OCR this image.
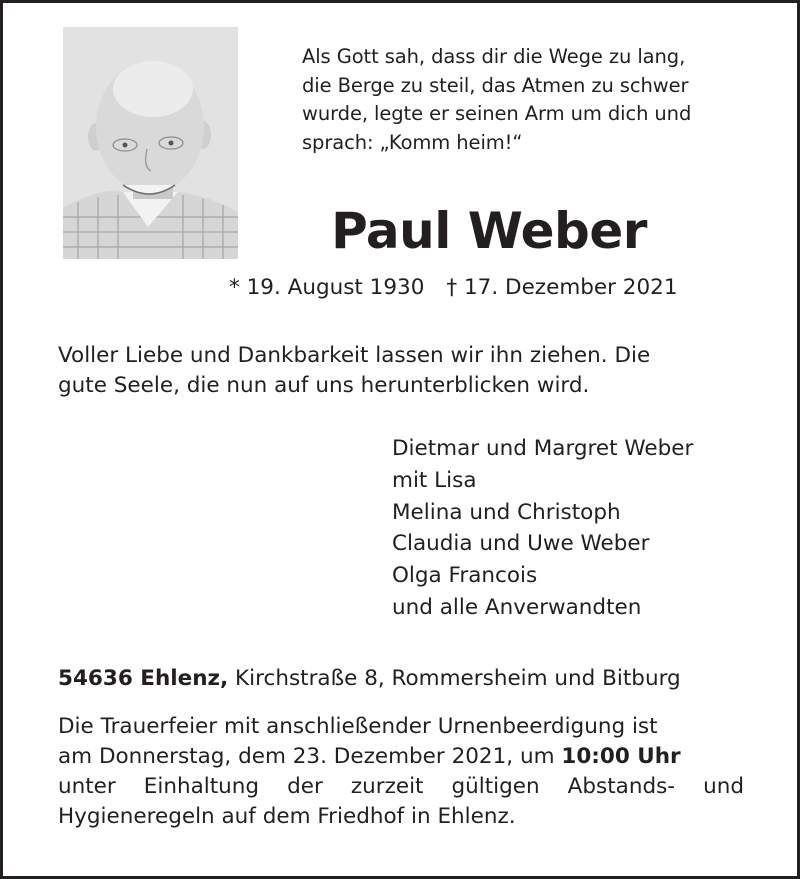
Als Gott sah, dass dir die Wege zu lang,
die Berge zu steil, das Atmen zu schwer
wurde, legte er seinen Arm um dich und
sprach: „Komm heim!“
Paul Weber
* 19. August 1930 † 17. Dezember 2021
Voller Liebe und Dankbarkeit lassen wir ihn ziehen. Die
gute Seele, die nun auf uns herunterblicken wird.
Dietmar und Margret Weber
mit Lisa
Melina und Christoph
Claudia und Uwe Weber
Olga Francois
und alle Anverwandten
54636 Ehlenz, Kirchstraße 8, Rommersheim und Bitburg
Die Trauerfeier mit anschließender Urnenbeerdigung ist
am Donnerstag, dem 23. Dezember 2021, um 10:00 Uhr
unter Einhaltung der zurzeit gültigen Abstands- und
Hygieneregeln auf dem Friedhof in Ehlenz.
